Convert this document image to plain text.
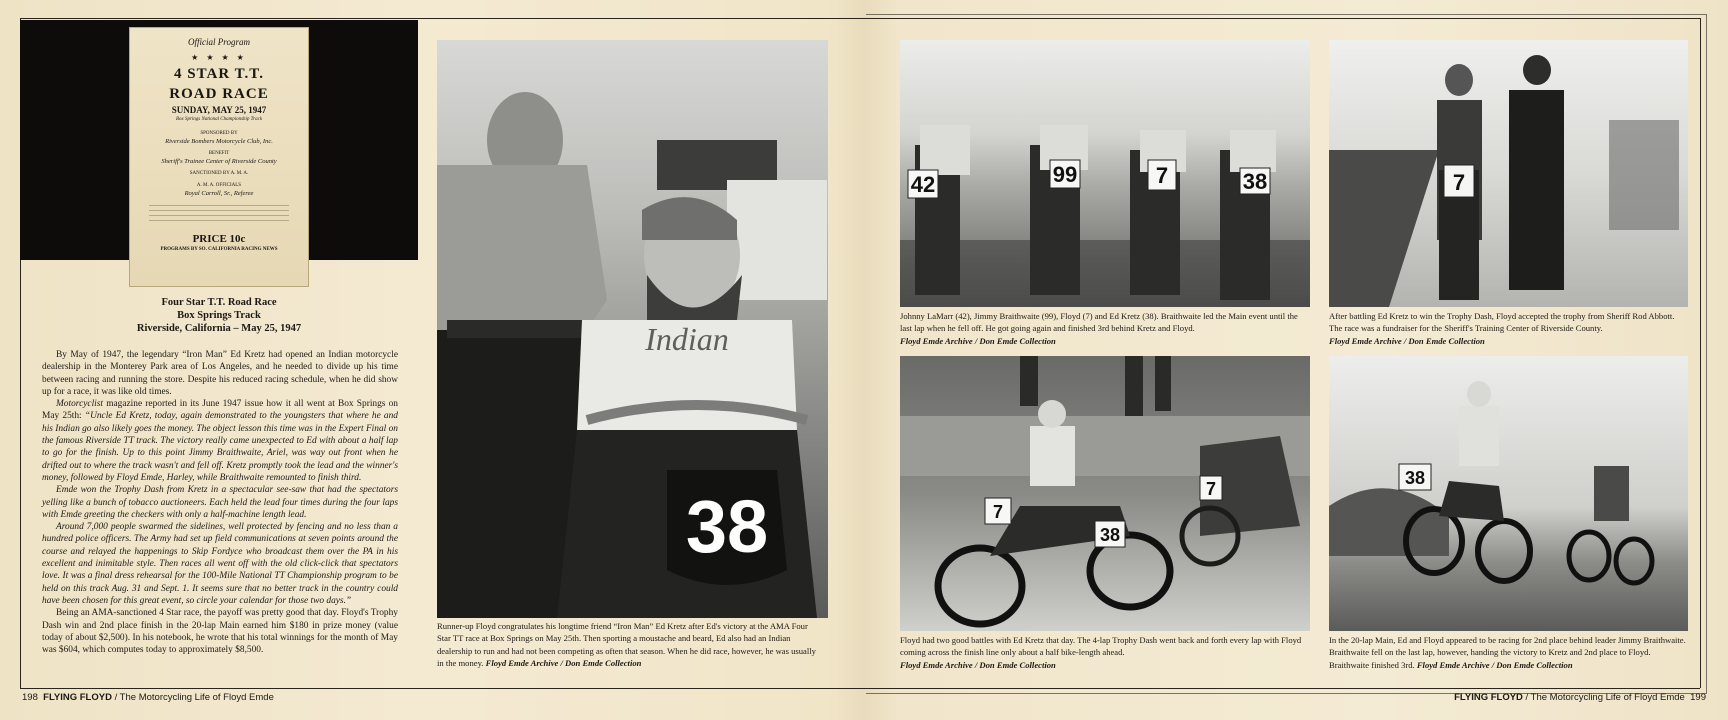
Official Program
★ ★ ★ ★
4 STAR T.T.
ROAD RACE
SUNDAY, MAY 25, 1947
Box Springs National Championship Track
SPONSORED BY
Riverside Bombers Motorcycle Club, Inc.
BENEFIT
Sheriff's Trainee Center of Riverside County
SANCTIONED BY A. M. A.
A. M. A. OFFICIALS
Royal Carroll, Sr., Referee
PRICE 10c
PROGRAMS BY SO. CALIFORNIA RACING NEWS
Four Star T.T. Road Race
Box Springs Track
Riverside, California – May 25, 1947

By May of 1947, the legendary “Iron Man” Ed Kretz had opened an Indian motorcycle dealership in the Monterey Park area of Los Angeles, and he needed to divide up his time between racing and running the store. Despite his reduced racing schedule, when he did show up for a race, it was like old times.

Motorcyclist magazine reported in its June 1947 issue how it all went at Box Springs on May 25th: “Uncle Ed Kretz, today, again demonstrated to the youngsters that where he and his Indian go also likely goes the money. The object lesson this time was in the Expert Final on the famous Riverside TT track. The victory really came unexpected to Ed with about a half lap to go for the finish. Up to this point Jimmy Braithwaite, Ariel, was way out front when he drifted out to where the track wasn't and fell off. Kretz promptly took the lead and the winner's money, followed by Floyd Emde, Harley, while Braithwaite remounted to finish third.

Emde won the Trophy Dash from Kretz in a spectacular see-saw that had the spectators yelling like a bunch of tobacco auctioneers. Each held the lead four times during the four laps with Emde greeting the checkers with only a half-machine length lead.

Around 7,000 people swarmed the sidelines, well protected by fencing and no less than a hundred police officers. The Army had set up field communications at seven points around the course and relayed the happenings to Skip Fordyce who broadcast them over the PA in his excellent and inimitable style. Then races all went off with the old click-click that spectators love. It was a final dress rehearsal for the 100-Mile National TT Championship program to be held on this track Aug. 31 and Sept. 1. It seems sure that no better track in the country could have been chosen for this great event, so circle your calendar for those two days.”

Being an AMA-sanctioned 4 Star race, the payoff was pretty good that day. Floyd's Trophy Dash win and 2nd place finish in the 20-lap Main earned him $180 in prize money (value today of about $2,500). In his notebook, he wrote that his total winnings for the month of May was $604, which computes today to approximately $8,500.

Indian
38
Runner-up Floyd congratulates his longtime friend “Iron Man” Ed Kretz after Ed's victory at the AMA Four Star TT race at Box Springs on May 25th. Then sporting a moustache and beard, Ed also had an Indian dealership to run and had not been competing as often that season. When he did race, however, he was usually in the money. Floyd Emde Archive / Don Emde Collection
42	99	7	38
Johnny LaMarr (42), Jimmy Braithwaite (99), Floyd (7) and Ed Kretz (38). Braithwaite led the Main event until the last lap when he fell off. He got going again and finished 3rd behind Kretz and Floyd.
Floyd Emde Archive / Don Emde Collection
7
After battling Ed Kretz to win the Trophy Dash, Floyd accepted the trophy from Sheriff Rod Abbott. The race was a fundraiser for the Sheriff's Training Center of Riverside County.
Floyd Emde Archive / Don Emde Collection
7
38
7
Floyd had two good battles with Ed Kretz that day. The 4-lap Trophy Dash went back and forth every lap with Floyd coming across the finish line only about a half bike-length ahead.
Floyd Emde Archive / Don Emde Collection
38
In the 20-lap Main, Ed and Floyd appeared to be racing for 2nd place behind leader Jimmy Braithwaite. Braithwaite fell on the last lap, however, handing the victory to Kretz and 2nd place to Floyd. Braithwaite finished 3rd. Floyd Emde Archive / Don Emde Collection
198 FLYING FLOYD / The Motorcycling Life of Floyd Emde	FLYING FLOYD / The Motorcycling Life of Floyd Emde 199
